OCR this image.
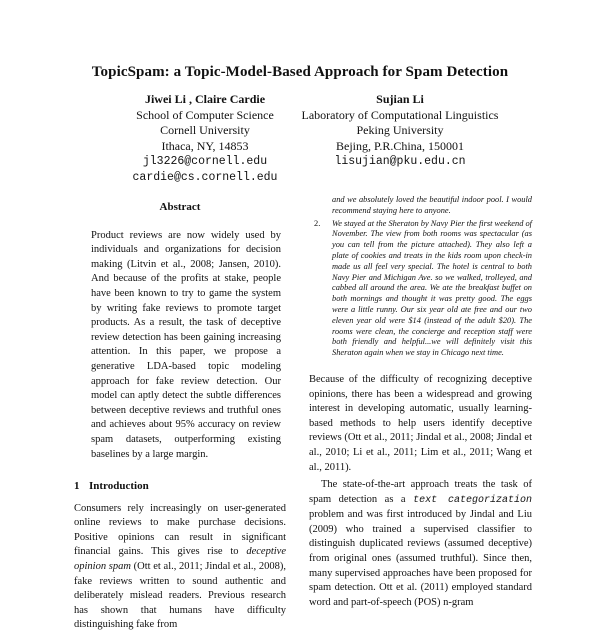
TopicSpam: a Topic-Model-Based Approach for Spam Detection
Jiwei Li , Claire Cardie
School of Computer Science
Cornell University
Ithaca, NY, 14853
jl3226@cornell.edu
cardie@cs.cornell.edu
Sujian Li
Laboratory of Computational Linguistics
Peking University
Bejing, P.R.China, 150001
lisujian@pku.edu.cn
Abstract

Product reviews are now widely used by individuals and organizations for decision making (Litvin et al., 2008; Jansen, 2010). And because of the profits at stake, people have been known to try to game the system by writing fake reviews to promote target products. As a result, the task of deceptive review detection has been gaining increasing attention. In this paper, we propose a generative LDA-based topic modeling approach for fake review detection. Our model can aptly detect the subtle differences between deceptive reviews and truthful ones and achieves about 95% accuracy on review spam datasets, outperforming existing baselines by a large margin.

1 Introduction

Consumers rely increasingly on user-generated online reviews to make purchase decisions. Positive opinions can result in significant financial gains. This gives rise to deceptive opinion spam (Ott et al., 2011; Jindal et al., 2008), fake reviews written to sound authentic and deliberately mislead readers. Previous research has shown that humans have difficulty distinguishing fake from

and we absolutely loved the beautiful indoor pool. I would recommend staying here to anyone.
2.	We stayed at the Sheraton by Navy Pier the first weekend of November. The view from both rooms was spectacular (as you can tell from the picture attached). They also left a plate of cookies and treats in the kids room upon check-in made us all feel very special. The hotel is central to both Navy Pier and Michigan Ave. so we walked, trolleyed, and cabbed all around the area. We ate the breakfast buffet on both mornings and thought it was pretty good. The eggs were a little runny. Our six year old ate free and our two eleven year old were $14 (instead of the adult $20). The rooms were clean, the concierge and reception staff were both friendly and helpful...we will definitely visit this Sheraton again when we stay in Chicago next time.

Because of the difficulty of recognizing deceptive opinions, there has been a widespread and growing interest in developing automatic, usually learning-based methods to help users identify deceptive reviews (Ott et al., 2011; Jindal et al., 2008; Jindal et al., 2010; Li et al., 2011; Lim et al., 2011; Wang et al., 2011).

The state-of-the-art approach treats the task of spam detection as a text categorization problem and was first introduced by Jindal and Liu (2009) who trained a supervised classifier to distinguish duplicated reviews (assumed deceptive) from original ones (assumed truthful). Since then, many supervised approaches have been proposed for spam detection. Ott et al. (2011) employed standard word and part-of-speech (POS) n-gram
